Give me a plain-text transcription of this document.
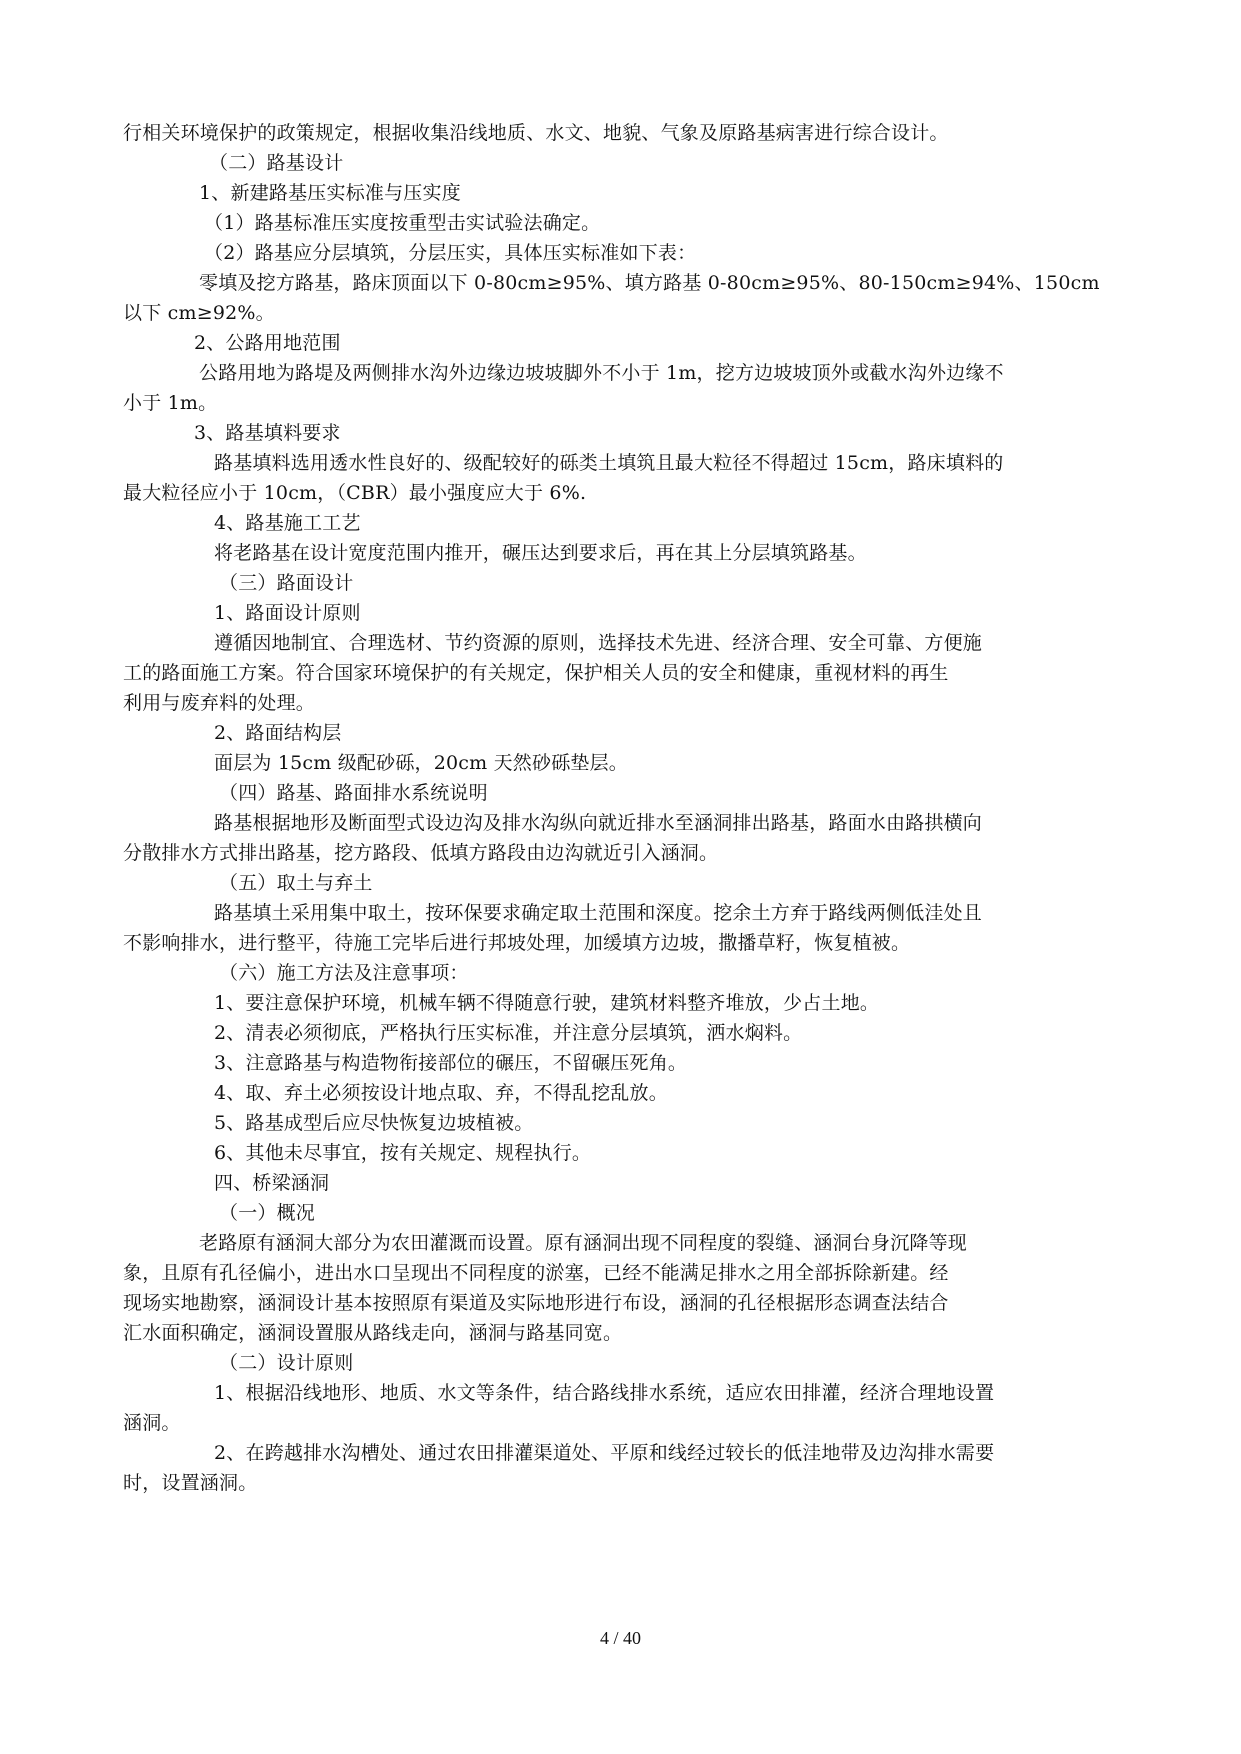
行相关环境保护的政策规定，根据收集沿线地质、水文、地貌、气象及原路基病害进行综合设计。
（二）路基设计
1、新建路基压实标准与压实度
（1）路基标准压实度按重型击实试验法确定。
（2）路基应分层填筑，分层压实，具体压实标准如下表：
零填及挖方路基，路床顶面以下 0-80cm≥95%、填方路基 0-80cm≥95%、80-150cm≥94%、150cm
以下 cm≥92%。
2、公路用地范围
公路用地为路堤及两侧排水沟外边缘边坡坡脚外不小于 1m，挖方边坡坡顶外或截水沟外边缘不
小于 1m。
3、路基填料要求
路基填料选用透水性良好的、级配较好的砾类土填筑且最大粒径不得超过 15cm，路床填料的
最大粒径应小于 10cm，（CBR）最小强度应大于 6%.
4、路基施工工艺
将老路基在设计宽度范围内推开，碾压达到要求后，再在其上分层填筑路基。
（三）路面设计
1、路面设计原则
遵循因地制宜、合理选材、节约资源的原则，选择技术先进、经济合理、安全可靠、方便施
工的路面施工方案。符合国家环境保护的有关规定，保护相关人员的安全和健康，重视材料的再生
利用与废弃料的处理。
2、路面结构层
面层为 15cm 级配砂砾，20cm 天然砂砾垫层。
（四）路基、路面排水系统说明
路基根据地形及断面型式设边沟及排水沟纵向就近排水至涵洞排出路基，路面水由路拱横向
分散排水方式排出路基，挖方路段、低填方路段由边沟就近引入涵洞。
（五）取土与弃土
路基填土采用集中取土，按环保要求确定取土范围和深度。挖余土方弃于路线两侧低洼处且
不影响排水，进行整平，待施工完毕后进行邦坡处理，加缓填方边坡，撒播草籽，恢复植被。
（六）施工方法及注意事项：
1、要注意保护环境，机械车辆不得随意行驶，建筑材料整齐堆放，少占土地。
2、清表必须彻底，严格执行压实标准，并注意分层填筑，洒水焖料。
3、注意路基与构造物衔接部位的碾压，不留碾压死角。
4、取、弃土必须按设计地点取、弃，不得乱挖乱放。
5、路基成型后应尽快恢复边坡植被。
6、其他未尽事宜，按有关规定、规程执行。
四、桥梁涵洞
（一）概况
老路原有涵洞大部分为农田灌溉而设置。原有涵洞出现不同程度的裂缝、涵洞台身沉降等现
象，且原有孔径偏小，进出水口呈现出不同程度的淤塞，已经不能满足排水之用全部拆除新建。经
现场实地勘察，涵洞设计基本按照原有渠道及实际地形进行布设，涵洞的孔径根据形态调查法结合
汇水面积确定，涵洞设置服从路线走向，涵洞与路基同宽。
（二）设计原则
1、根据沿线地形、地质、水文等条件，结合路线排水系统，适应农田排灌，经济合理地设置
涵洞。
2、在跨越排水沟槽处、通过农田排灌渠道处、平原和线经过较长的低洼地带及边沟排水需要
时，设置涵洞。
4 / 40
